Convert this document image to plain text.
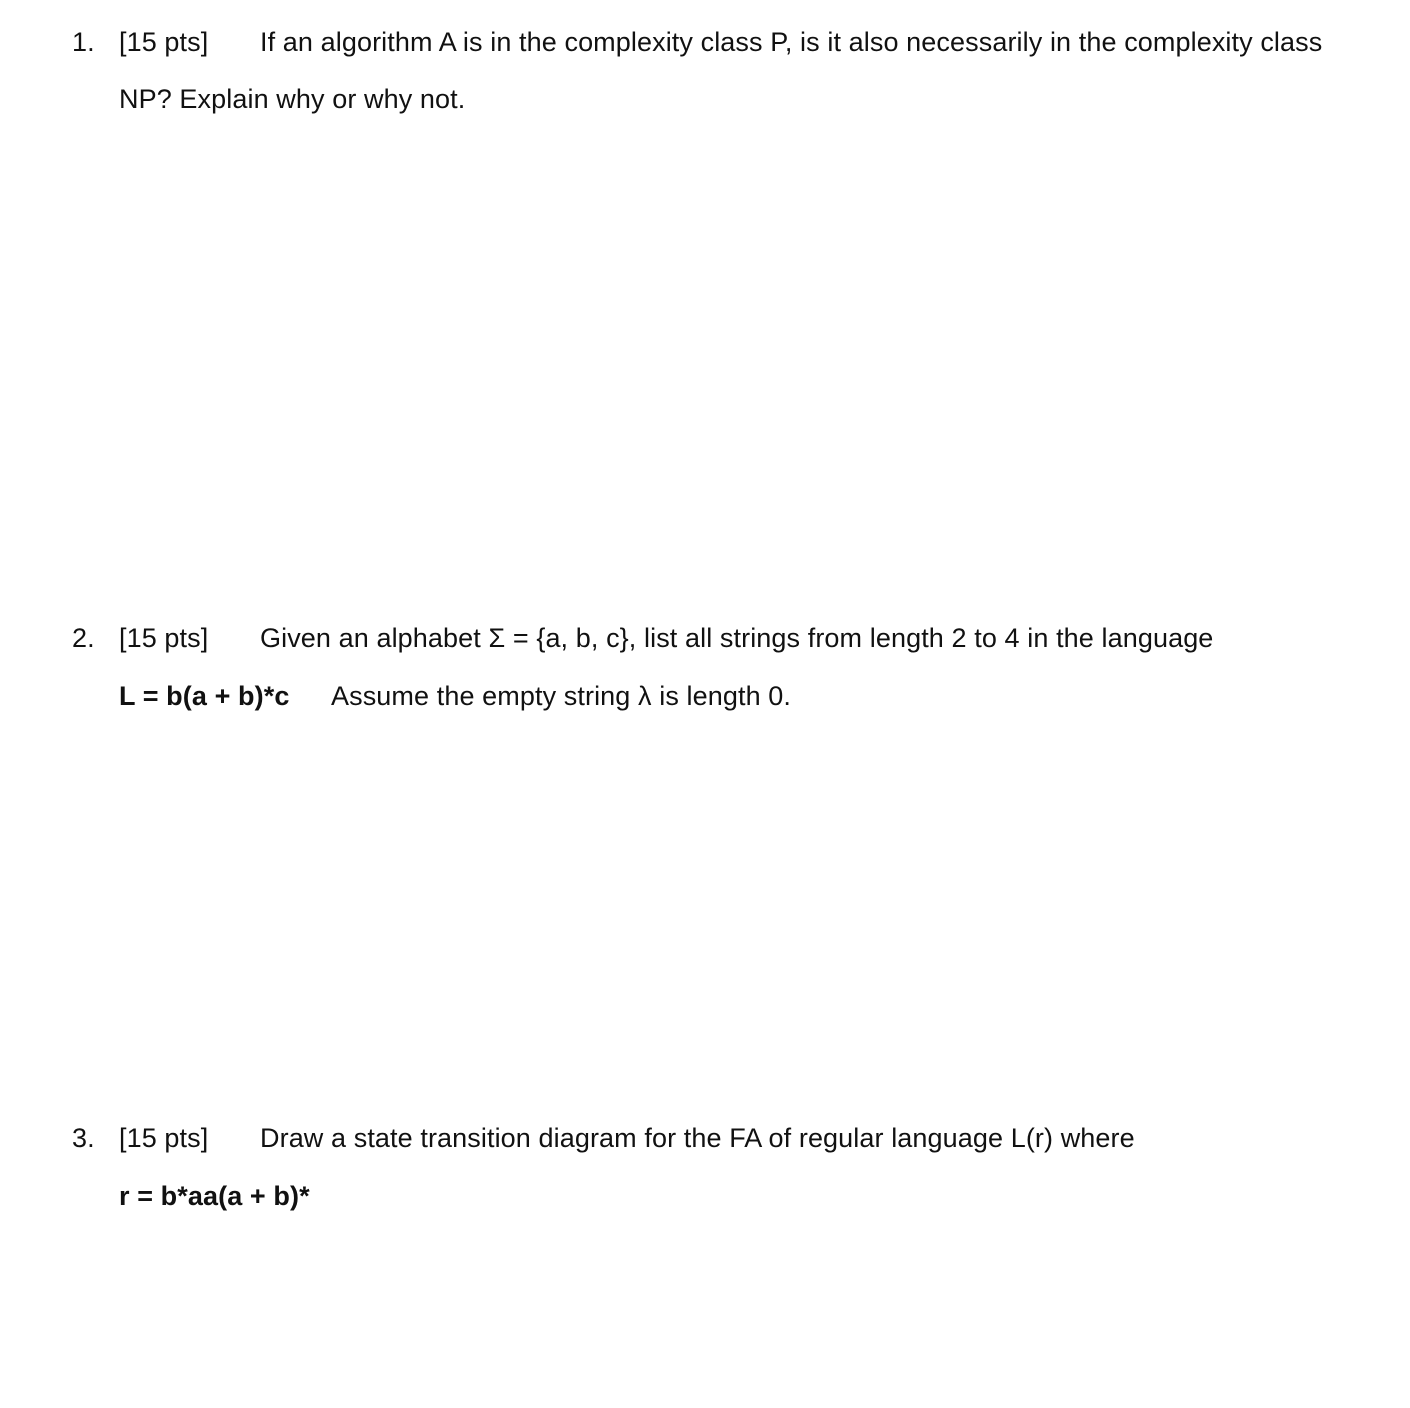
1. [15 pts] If an algorithm A is in the complexity class P, is it also necessarily in the complexity class
NP? Explain why or why not.
2. [15 pts] Given an alphabet Σ = {a, b, c}, list all strings from length 2 to 4 in the language
L = b(a + b)*c Assume the empty string λ is length 0.
3. [15 pts] Draw a state transition diagram for the FA of regular language L(r) where
r = b*aa(a + b)*
